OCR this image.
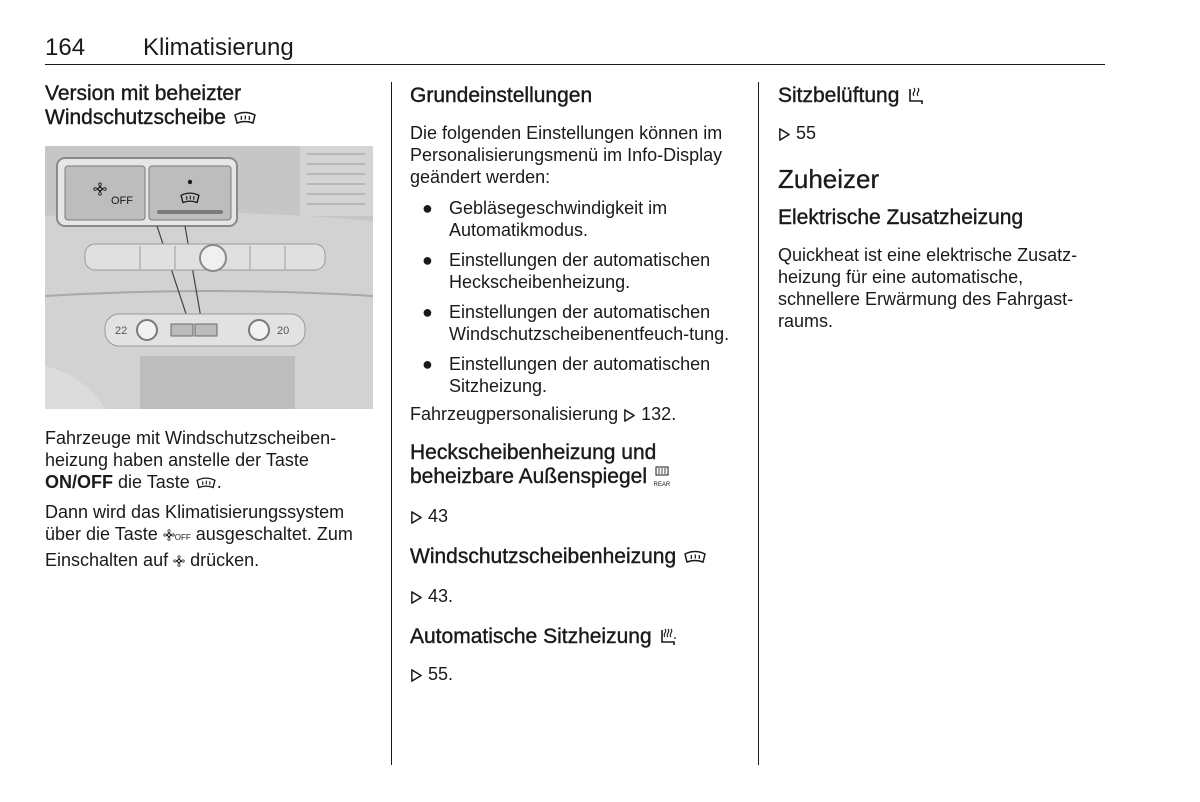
164 Klimatisierung
Version mit beheizter
Windschutzscheibe
OFF
22	20

Fahrzeuge mit Windschutzscheiben-heizung haben anstelle der Taste
ON/OFF die Taste .

Dann wird das Klimatisierungssystem über die Taste OFF ausgeschaltet. Zum Einschalten auf drücken.

Grundeinstellungen

Die folgenden Einstellungen können im Personalisierungsmenü im Info-Display geändert werden:

● Gebläsegeschwindigkeit im Automatikmodus.
● Einstellungen der automatischen Heckscheibenheizung.
● Einstellungen der automatischen Windschutzscheibenentfeuch-tung.
● Einstellungen der automatischen Sitzheizung.

Fahrzeugpersonalisierung 132.

Heckscheibenheizung und
beheizbare Außenspiegel REAR

43

Windschutzscheibenheizung

43.

Automatische Sitzheizung

55.

Sitzbelüftung

55

Zuheizer
Elektrische Zusatzheizung

Quickheat ist eine elektrische Zusatz-heizung für eine automatische, schnellere Erwärmung des Fahrgast-raums.
